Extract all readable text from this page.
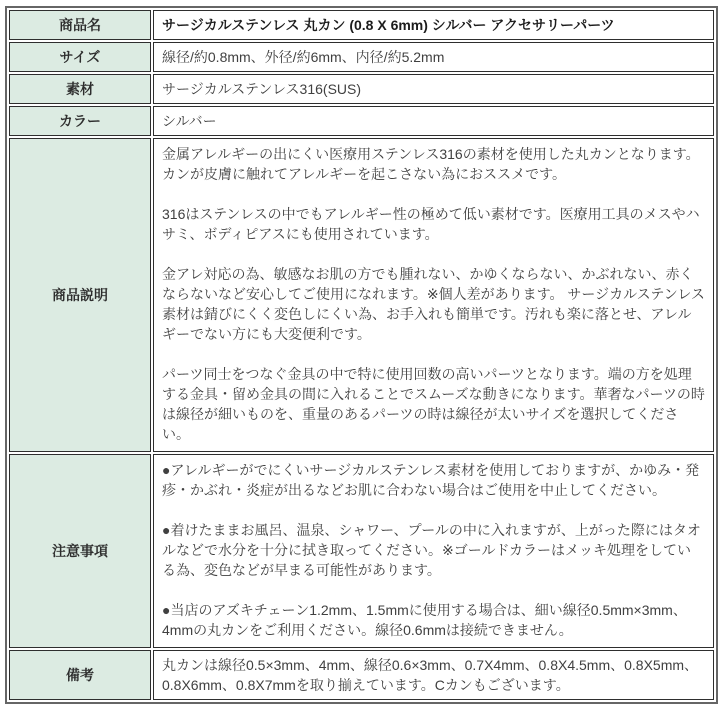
商品名	サージカルステンレス 丸カン (0.8 X 6mm) シルバー アクセサリーパーツ
サイズ	線径/約0.8mm、外径/約6mm、内径/約5.2mm
素材	サージカルステンレス316(SUS)
カラー	シルバー
商品説明	金属アレルギーの出にくい医療用ステンレス316の素材を使用した丸カンとなります。カンが皮膚に触れてアレルギーを起こさない為におススメです。

316はステンレスの中でもアレルギー性の極めて低い素材です。医療用工具のメスやハサミ、ボディピアスにも使用されています。

金アレ対応の為、敏感なお肌の方でも腫れない、かゆくならない、かぶれない、赤くならないなど安心してご使用になれます。※個人差があります。 サージカルステンレス素材は錆びにくく変色しにくい為、お手入れも簡単です。汚れも楽に落とせ、アレルギーでない方にも大変便利です。

パーツ同士をつなぐ金具の中で特に使用回数の高いパーツとなります。端の方を処理する金具・留め金具の間に入れることでスムーズな動きになります。華奢なパーツの時は線径が細いものを、重量のあるパーツの時は線径が太いサイズを選択してください。

注意事項	●アレルギーがでにくいサージカルステンレス素材を使用しておりますが、かゆみ・発疹・かぶれ・炎症が出るなどお肌に合わない場合はご使用を中止してください。

●着けたままお風呂、温泉、シャワー、プールの中に入れますが、上がった際にはタオルなどで水分を十分に拭き取ってください。※ゴールドカラーはメッキ処理をしている為、変色などが早まる可能性があります。

●当店のアズキチェーン1.2mm、1.5mmに使用する場合は、細い線径0.5mm×3mm、4mmの丸カンをご利用ください。線径0.6mmは接続できません。

備考	丸カンは線径0.5×3mm、4mm、線径0.6×3mm、0.7X4mm、0.8X4.5mm、0.8X5mm、0.8X6mm、0.8X7mmを取り揃えています。Cカンもございます。
